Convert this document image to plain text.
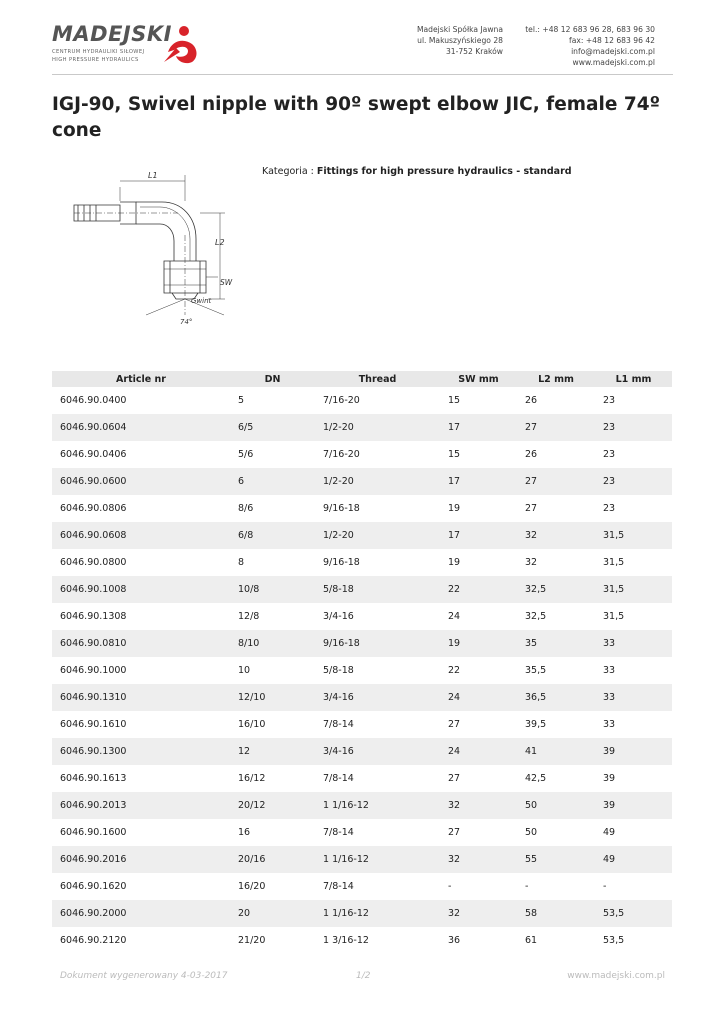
MADEJSKI
CENTRUM HYDRAULIKI SIŁOWEJ
HIGH PRESSURE HYDRAULICS
Madejski Spółka Jawna
ul. Makuszyńskiego 28
31-752 Kraków
tel.: +48 12 683 96 28, 683 96 30
fax: +48 12 683 96 42
info@madejski.com.pl
www.madejski.com.pl
IGJ-90, Swivel nipple with 90º swept elbow JIC, female 74º cone
L1
L2
SW
Gwint
74°
Kategoria : Fittings for high pressure hydraulics - standard
Article nr	DN	Thread	SW mm	L2 mm	L1 mm
6046.90.0400	5	7/16-20	15	26	23
6046.90.0604	6/5	1/2-20	17	27	23
6046.90.0406	5/6	7/16-20	15	26	23
6046.90.0600	6	1/2-20	17	27	23
6046.90.0806	8/6	9/16-18	19	27	23
6046.90.0608	6/8	1/2-20	17	32	31,5
6046.90.0800	8	9/16-18	19	32	31,5
6046.90.1008	10/8	5/8-18	22	32,5	31,5
6046.90.1308	12/8	3/4-16	24	32,5	31,5
6046.90.0810	8/10	9/16-18	19	35	33
6046.90.1000	10	5/8-18	22	35,5	33
6046.90.1310	12/10	3/4-16	24	36,5	33
6046.90.1610	16/10	7/8-14	27	39,5	33
6046.90.1300	12	3/4-16	24	41	39
6046.90.1613	16/12	7/8-14	27	42,5	39
6046.90.2013	20/12	1 1/16-12	32	50	39
6046.90.1600	16	7/8-14	27	50	49
6046.90.2016	20/16	1 1/16-12	32	55	49
6046.90.1620	16/20	7/8-14	-	-	-
6046.90.2000	20	1 1/16-12	32	58	53,5
6046.90.2120	21/20	1 3/16-12	36	61	53,5
Dokument wygenerowany 4-03-2017	1/2	www.madejski.com.pl
